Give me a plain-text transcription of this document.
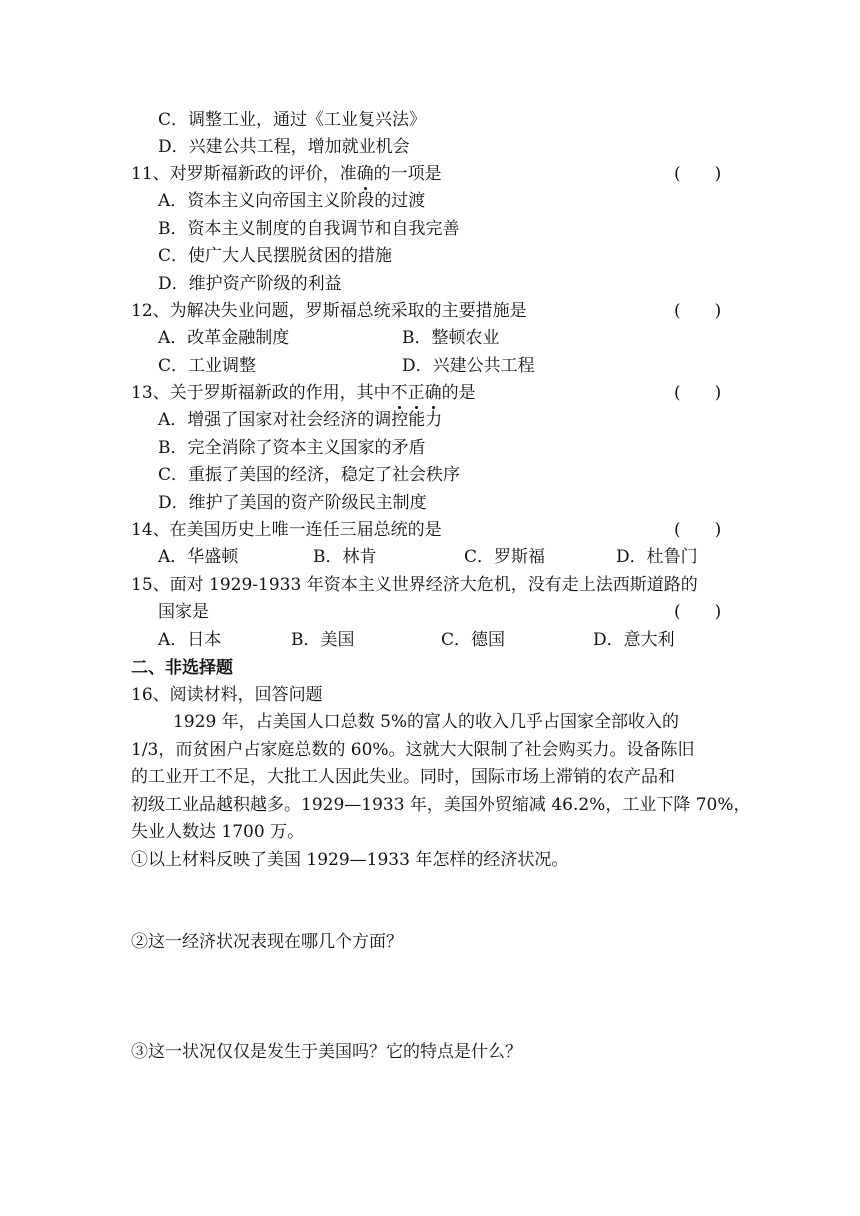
C．调整工业，通过《工业复兴法》
D．兴建公共工程，增加就业机会
11、对罗斯福新政的评价，准确的一项是	(　　)
A．资本主义向帝国主义阶段的过渡
B．资本主义制度的自我调节和自我完善
C．使广大人民摆脱贫困的措施
D．维护资产阶级的利益
12、为解决失业问题，罗斯福总统采取的主要措施是	(　　)
A．改革金融制度	B．整顿农业
C．工业调整	D．兴建公共工程
13、关于罗斯福新政的作用，其中不正确的是	(　　)
A．增强了国家对社会经济的调控能力
B．完全消除了资本主义国家的矛盾
C．重振了美国的经济，稳定了社会秩序
D．维护了美国的资产阶级民主制度
14、在美国历史上唯一连任三届总统的是	(　　)
A．华盛顿	B．林肯	C．罗斯福	D．杜鲁门
15、面对 1929-1933 年资本主义世界经济大危机，没有走上法西斯道路的
国家是	(　　)
A．日本	B．美国	C．德国	D．意大利
二、非选择题
16、阅读材料，回答问题
1929 年，占美国人口总数 5%的富人的收入几乎占国家全部收入的
1/3，而贫困户占家庭总数的 60%。这就大大限制了社会购买力。设备陈旧
的工业开工不足，大批工人因此失业。同时，国际市场上滞销的农产品和
初级工业品越积越多。1929—1933 年，美国外贸缩减 46.2%，工业下降 70%，
失业人数达 1700 万。
①以上材料反映了美国 1929—1933 年怎样的经济状况。
②这一经济状况表现在哪几个方面？
③这一状况仅仅是发生于美国吗？它的特点是什么？
